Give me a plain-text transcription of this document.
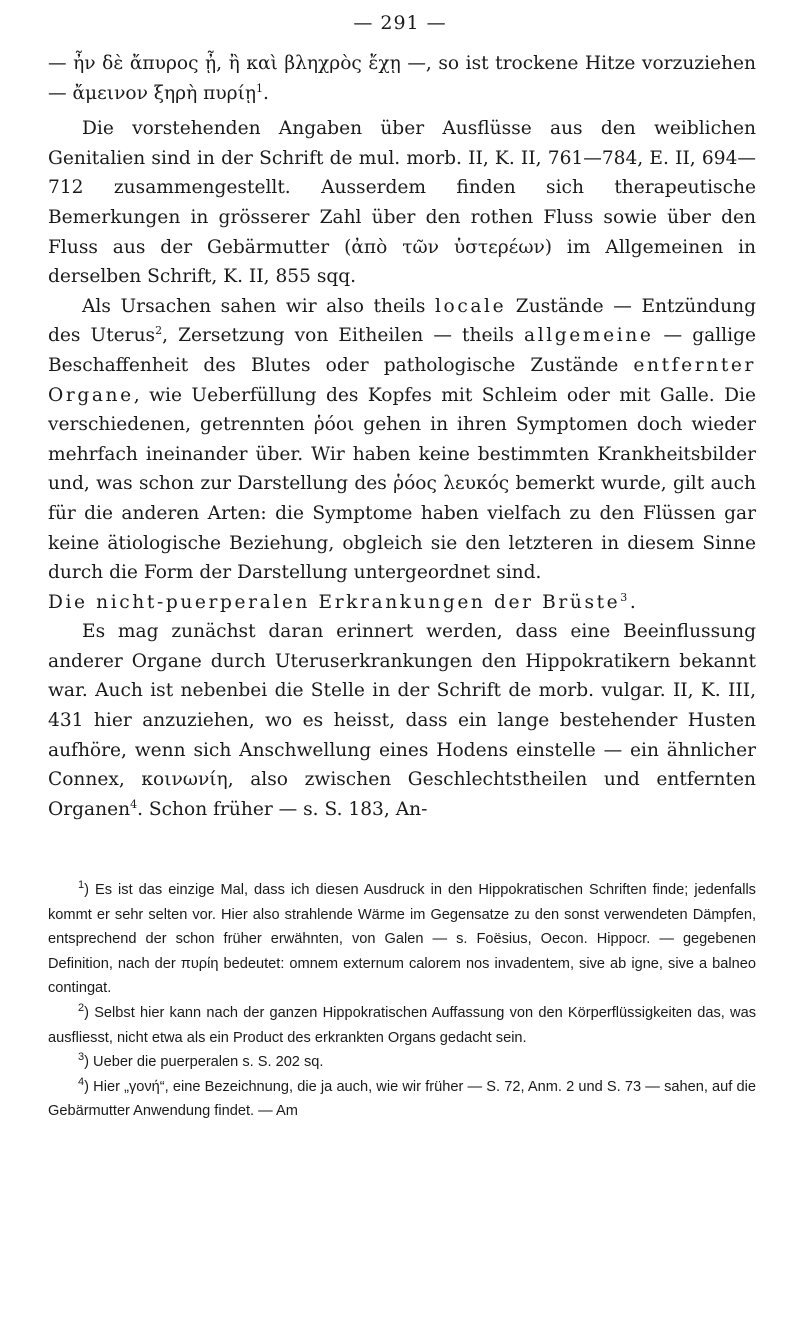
— 291 —

— ἦν δὲ ἄπυρος ᾖ, ἢ καὶ βληχρὸς ἔχῃ —, so ist trockene Hitze vorzuziehen — ἄμεινον ξηρὴ πυρίῃ$^1$.

Die vorstehenden Angaben über Ausflüsse aus den weiblichen Genitalien sind in der Schrift de mul. morb. II, K. II, 761—784, E. II, 694—712 zusammengestellt. Ausserdem finden sich therapeutische Bemerkungen in grösserer Zahl über den rothen Fluss sowie über den Fluss aus der Gebärmutter (ἀπὸ τῶν ὑστερέων) im Allgemeinen in derselben Schrift, K. II, 855 sqq.

Als Ursachen sahen wir also theils locale Zustände — Entzündung des Uterus$^2$, Zersetzung von Eitheilen — theils allgemeine — gallige Beschaffenheit des Blutes oder pathologische Zustände entfernter Organe, wie Ueberfüllung des Kopfes mit Schleim oder mit Galle. Die verschiedenen, getrennten ῥόοι gehen in ihren Symptomen doch wieder mehrfach ineinander über. Wir haben keine bestimmten Krankheitsbilder und, was schon zur Darstellung des ῥόος λευκός bemerkt wurde, gilt auch für die anderen Arten: die Symptome haben vielfach zu den Flüssen gar keine ätiologische Beziehung, obgleich sie den letzteren in diesem Sinne durch die Form der Darstellung untergeordnet sind.

Die nicht-puerperalen Erkrankungen der Brüste$^3$.

Es mag zunächst daran erinnert werden, dass eine Beeinflussung anderer Organe durch Uteruserkrankungen den Hippokratikern bekannt war. Auch ist nebenbei die Stelle in der Schrift de morb. vulgar. II, K. III, 431 hier anzuziehen, wo es heisst, dass ein lange bestehender Husten aufhöre, wenn sich Anschwellung eines Hodens einstelle — ein ähnlicher Connex, κοινωνίη, also zwischen Geschlechtstheilen und entfernten Organen$^4$. Schon früher — s. S. 183, An-

$^1$) Es ist das einzige Mal, dass ich diesen Ausdruck in den Hippokratischen Schriften finde; jedenfalls kommt er sehr selten vor. Hier also strahlende Wärme im Gegensatze zu den sonst verwendeten Dämpfen, entsprechend der schon früher erwähnten, von Galen — s. Foësius, Oecon. Hippocr. — gegebenen Definition, nach der πυρίη bedeutet: omnem externum calorem nos invadentem, sive ab igne, sive a balneo contingat.

$^2$) Selbst hier kann nach der ganzen Hippokratischen Auffassung von den Körperflüssigkeiten das, was ausfliesst, nicht etwa als ein Product des erkrankten Organs gedacht sein.

$^3$) Ueber die puerperalen s. S. 202 sq.

$^4$) Hier „γονή“, eine Bezeichnung, die ja auch, wie wir früher — S. 72, Anm. 2 und S. 73 — sahen, auf die Gebärmutter Anwendung findet. — Am
